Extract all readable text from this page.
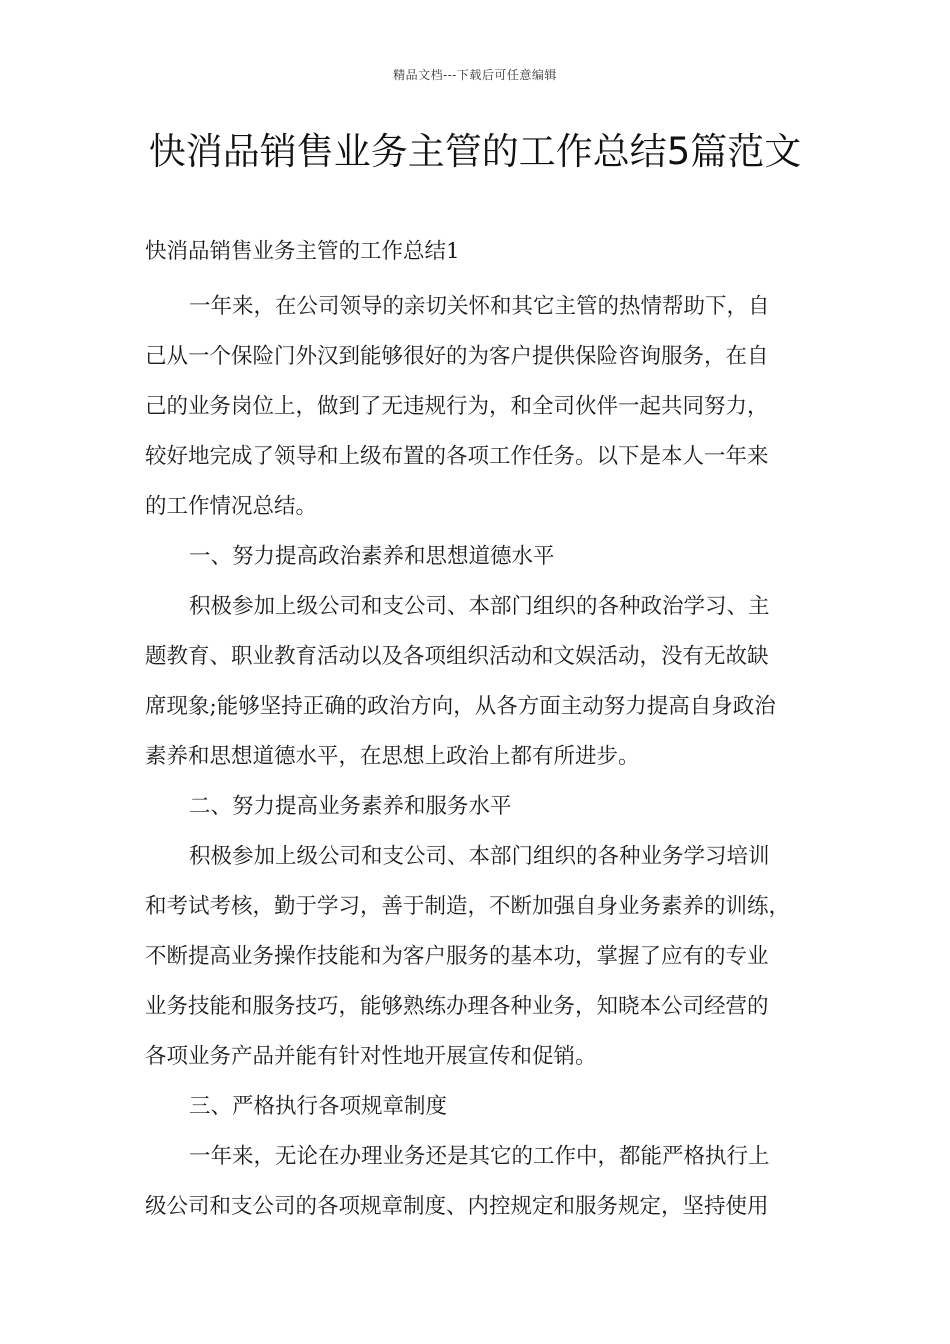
精品文档---下载后可任意编辑
快消品销售业务主管的工作总结5篇范文
快消品销售业务主管的工作总结1
一年来，在公司领导的亲切关怀和其它主管的热情帮助下，自
己从一个保险门外汉到能够很好的为客户提供保险咨询服务，在自
己的业务岗位上，做到了无违规行为，和全司伙伴一起共同努力，
较好地完成了领导和上级布置的各项工作任务。以下是本人一年来
的工作情况总结。
一、努力提高政治素养和思想道德水平
积极参加上级公司和支公司、本部门组织的各种政治学习、主
题教育、职业教育活动以及各项组织活动和文娱活动，没有无故缺
席现象;能够坚持正确的政治方向，从各方面主动努力提高自身政治
素养和思想道德水平，在思想上政治上都有所进步。
二、努力提高业务素养和服务水平
积极参加上级公司和支公司、本部门组织的各种业务学习培训
和考试考核，勤于学习，善于制造，不断加强自身业务素养的训练，
不断提高业务操作技能和为客户服务的基本功，掌握了应有的专业
业务技能和服务技巧，能够熟练办理各种业务，知晓本公司经营的
各项业务产品并能有针对性地开展宣传和促销。
三、严格执行各项规章制度
一年来，无论在办理业务还是其它的工作中，都能严格执行上
级公司和支公司的各项规章制度、内控规定和服务规定，坚持使用
